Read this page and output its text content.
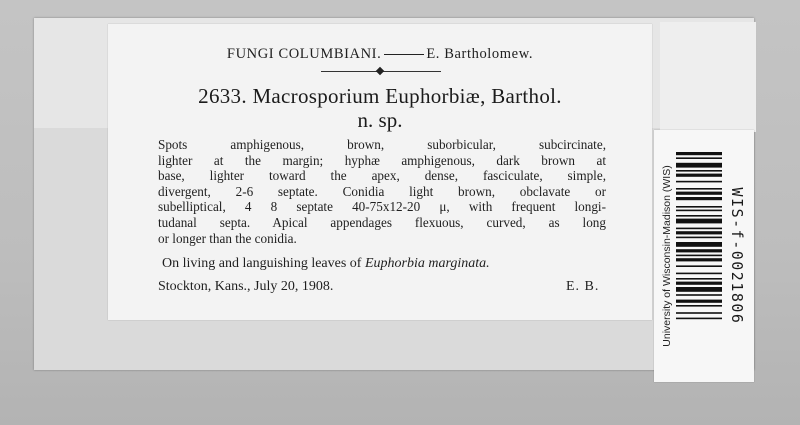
FUNGI COLUMBIANI.	E. Bartholomew.
2633. Macrosporium Euphorbiæ, Barthol.
n. sp.
Spots amphigenous, brown, suborbicular, subcircinate,
lighter at the margin; hyphæ amphigenous, dark brown at
base, lighter toward the apex, dense, fasciculate, simple,
divergent, 2-6 septate. Conidia light brown, obclavate or
subelliptical, 4 8 septate 40-75x12-20 μ, with frequent longi-
tudanal septa. Apical appendages flexuous, curved, as long
or longer than the conidia.
On living and languishing leaves of Euphorbia marginata.
Stockton, Kans., July 20, 1908.	E. B.	University of Wisconsin-Madison (WIS)	WIS-f-0021806
